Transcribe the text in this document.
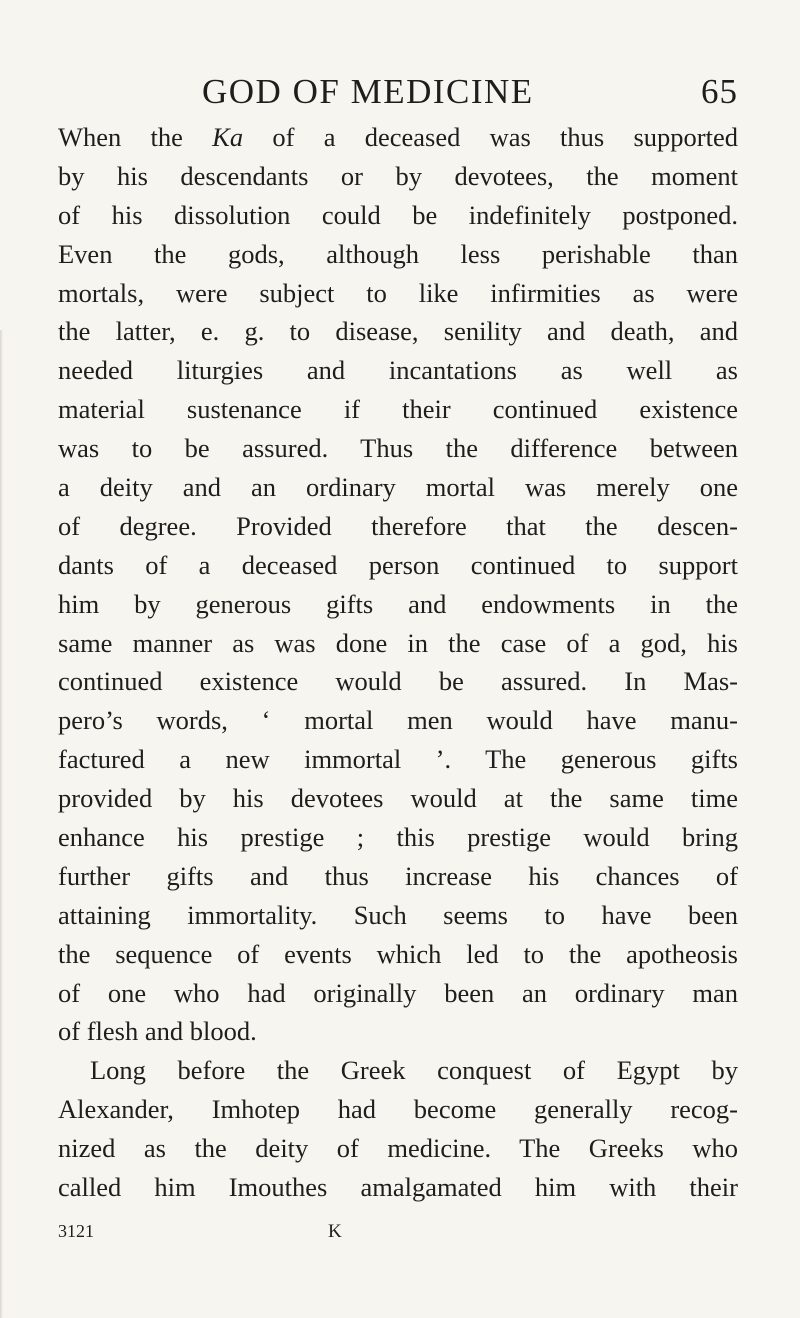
GOD OF MEDICINE	65
When the Ka of a deceased was thus supported
by his descendants or by devotees, the moment
of his dissolution could be indefinitely postponed.
Even the gods, although less perishable than
mortals, were subject to like infirmities as were
the latter, e. g. to disease, senility and death, and
needed liturgies and incantations as well as
material sustenance if their continued existence
was to be assured. Thus the difference between
a deity and an ordinary mortal was merely one
of degree. Provided therefore that the descen-
dants of a deceased person continued to support
him by generous gifts and endowments in the
same manner as was done in the case of a god, his
continued existence would be assured. In Mas-
pero’s words, ‘ mortal men would have manu-
factured a new immortal ’. The generous gifts
provided by his devotees would at the same time
enhance his prestige ; this prestige would bring
further gifts and thus increase his chances of
attaining immortality. Such seems to have been
the sequence of events which led to the apotheosis
of one who had originally been an ordinary man
of flesh and blood.
Long before the Greek conquest of Egypt by
Alexander, Imhotep had become generally recog-
nized as the deity of medicine. The Greeks who
called him Imouthes amalgamated him with their
3121	K
